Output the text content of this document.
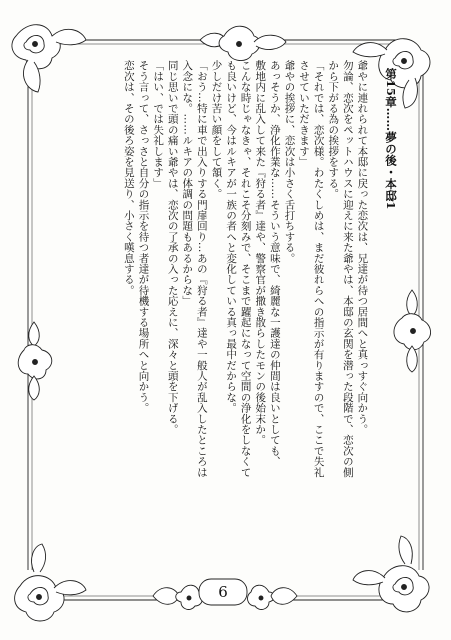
第15章……夢の後・本邸1

爺やに連れられて本邸に戻った恋次は、兄達が待つ居間へと真っすぐ向かう。

勿論、恋次をペットハウスに迎えに来た爺やは、本邸の玄関を潜った段階で、恋次の側

から下がる為の挨拶をする。

「それでは、恋次様。わたくしめは、まだ彼れらへの指示が有りますので、ここで失礼

させていただきます」

爺やの挨拶に、恋次は小さく舌打ちする。

あっそうか、浄化作業な……そういう意味で、綺麗な一護達の仲間は良いとしても、

敷地内に乱入して来た『狩る者』達や、警察官が撒き散らしたモンの後始末か。

こんな時じゃなきゃ、それこそ分刻みで、そこまで躍起になって空間の浄化をしなくて

も良いけど、今はルキアが一族の者へと変化している真っ最中だからな。

少しだけ苦い顔をして頷く。

「おう…特に車で出入りする門扉回り…あの『狩る者』達や一般人が乱入したところは

入念にな。……ルキアの体調の問題もあるからな」

同じ思いで頭の痛い爺やは、恋次の了承の入った応えに、深々と頭を下げる。

「はい、では失礼します」

そう言って、さっさと自分の指示を待つ者達が待機する場所へと向かう。

恋次は、その後ろ姿を見送り、小さく嘆息する。

6
